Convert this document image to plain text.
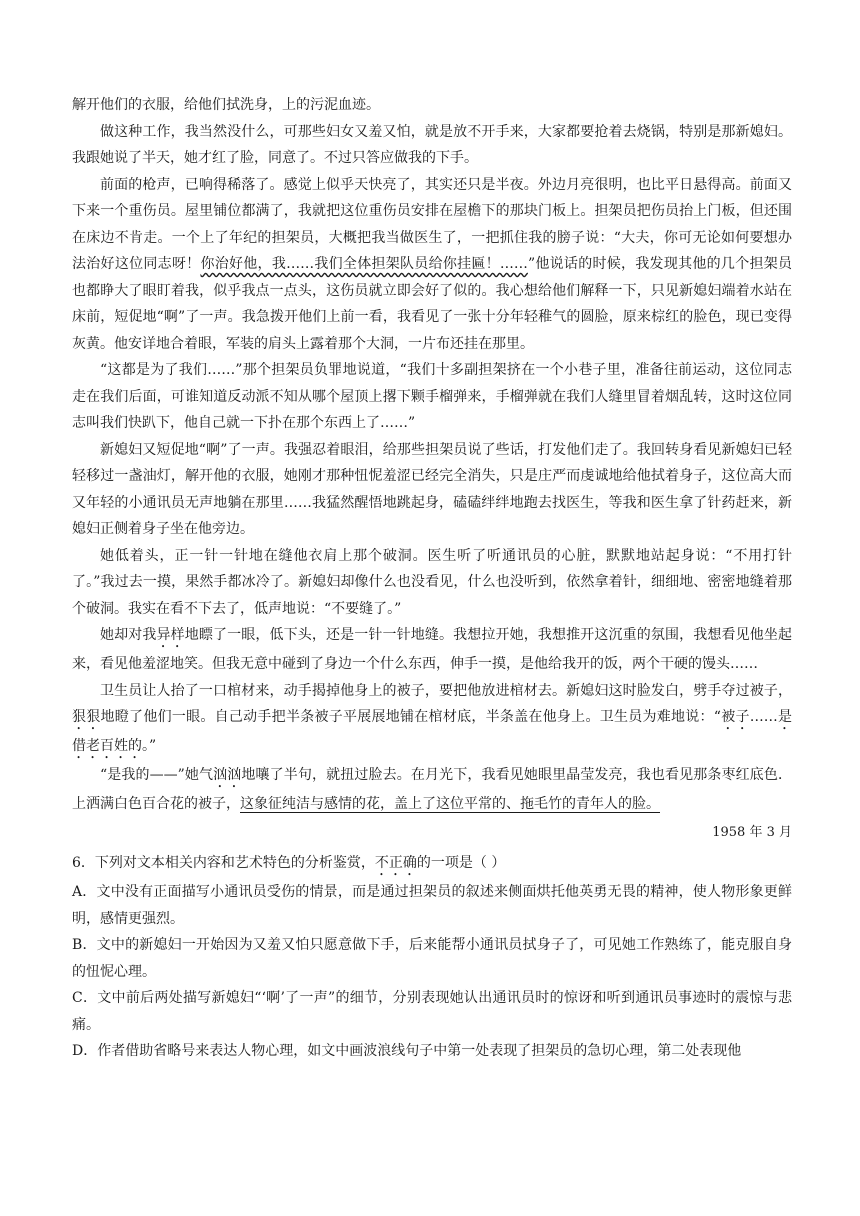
解开他们的衣服，给他们拭洗身，上的污泥血迹。

做这种工作，我当然没什么，可那些妇女又羞又怕，就是放不开手来，大家都要抢着去烧锅，特别是那新媳妇。我跟她说了半天，她才红了脸，同意了。不过只答应做我的下手。

前面的枪声，已响得稀落了。感觉上似乎天快亮了，其实还只是半夜。外边月亮很明，也比平日悬得高。前面又下来一个重伤员。屋里铺位都满了，我就把这位重伤员安排在屋檐下的那块门板上。担架员把伤员抬上门板，但还围在床边不肯走。一个上了年纪的担架员，大概把我当做医生了，一把抓住我的膀子说：“大夫，你可无论如何要想办法治好这位同志呀！你治好他，我……我们全体担架队员给你挂匾！……”他说话的时候，我发现其他的几个担架员也都睁大了眼盯着我，似乎我点一点头，这伤员就立即会好了似的。我心想给他们解释一下，只见新媳妇端着水站在床前，短促地“啊”了一声。我急拨开他们上前一看，我看见了一张十分年轻稚气的圆脸，原来棕红的脸色，现已变得灰黄。他安详地合着眼，军装的肩头上露着那个大洞，一片布还挂在那里。

“这都是为了我们……”那个担架员负罪地说道，“我们十多副担架挤在一个小巷子里，准备往前运动，这位同志走在我们后面，可谁知道反动派不知从哪个屋顶上撂下颗手榴弹来，手榴弹就在我们人缝里冒着烟乱转，这时这位同志叫我们快趴下，他自己就一下扑在那个东西上了……”

新媳妇又短促地“啊”了一声。我强忍着眼泪，给那些担架员说了些话，打发他们走了。我回转身看见新媳妇已轻轻移过一盏油灯，解开他的衣服，她刚才那种忸怩羞涩已经完全消失，只是庄严而虔诚地给他拭着身子，这位高大而又年轻的小通讯员无声地躺在那里……我猛然醒悟地跳起身，磕磕绊绊地跑去找医生，等我和医生拿了针药赶来，新媳妇正侧着身子坐在他旁边。

她低着头，正一针一针地在缝他衣肩上那个破洞。医生听了听通讯员的心脏，默默地站起身说：“不用打针了。”我过去一摸，果然手都冰冷了。新媳妇却像什么也没看见，什么也没听到，依然拿着针，细细地、密密地缝着那个破洞。我实在看不下去了，低声地说：“不要缝了。”

她却对我异样地瞟了一眼，低下头，还是一针一针地缝。我想拉开她，我想推开这沉重的氛围，我想看见他坐起来，看见他羞涩地笑。但我无意中碰到了身边一个什么东西，伸手一摸，是他给我开的饭，两个干硬的馒头……

卫生员让人抬了一口棺材来，动手揭掉他身上的被子，要把他放进棺材去。新媳妇这时脸发白，劈手夺过被子，狠狠地瞪了他们一眼。自己动手把半条被子平展展地铺在棺材底，半条盖在他身上。卫生员为难地说：“被子……是借老百姓的。”

“是我的——”她气汹汹地嚷了半句，就扭过脸去。在月光下，我看见她眼里晶莹发亮，我也看见那条枣红底色．上洒满白色百合花的被子，这象征纯洁与感情的花，盖上了这位平常的、拖毛竹的青年人的脸。

1958 年 3 月

6．下列对文本相关内容和艺术特色的分析鉴赏，不正确的一项是（ ）

A．文中没有正面描写小通讯员受伤的情景，而是通过担架员的叙述来侧面烘托他英勇无畏的精神，使人物形象更鲜明，感情更强烈。

B．文中的新媳妇一开始因为又羞又怕只愿意做下手，后来能帮小通讯员拭身子了，可见她工作熟练了，能克服自身的忸怩心理。

C．文中前后两处描写新媳妇“‘啊’了一声”的细节，分别表现她认出通讯员时的惊讶和听到通讯员事迹时的震惊与悲痛。

D．作者借助省略号来表达人物心理，如文中画波浪线句子中第一处表现了担架员的急切心理，第二处表现他
